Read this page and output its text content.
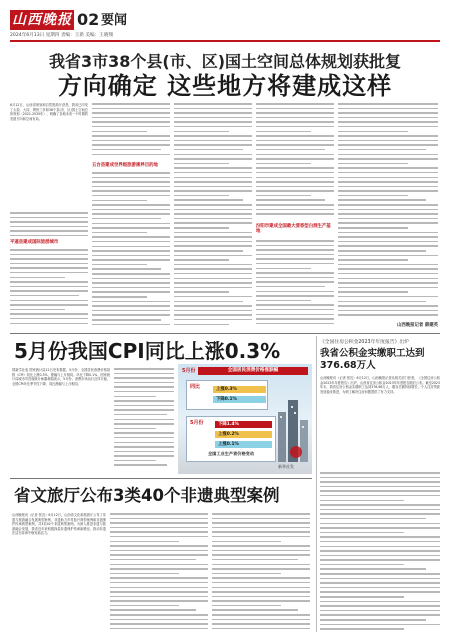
山西晚报 02 要闻
2024年6月13日 星期四 责编：王新 美编：王晓翔
我省3市38个县(市、区)国土空间总体规划获批复
方向确定 这些地方将建成这样
6月12日，山西省规划和自然资源厅获悉，我省已印发了太原、大同、朔州三市和38个县(市、区)国土空间总体规划（2021-2035年），明确了各地未来一个时期的发展方向和空间布局。
平遥县建成国际旅游城市
五台县建成世界级旅游康养目的地
汾阳市建成全国最大清香型白酒生产基地
山西晚报记者 薛建英
5月份我国CPI同比上涨0.3%
国新学社电 国家统计局12日发布数据，5月份，全国居民消费价格指数（CPI）同比上涨0.3%，涨幅与上月相同。环比下降0.1%。国家统计局城市司首席统计师董莉娟表示，5月份，消费市场运行总体平稳，全国CPI环比季节性下降，同比涨幅与上月相同。
5月份	全国居民消费价格涨跌幅
同比	上涨0.3%
下降0.1%
5月份	下降1.4%
上涨0.2%
上涨0.1%
全国工业生产者价格变动
新华社发
《全国住房公积金2023年年度报告》出炉
我省公积金实缴职工达到376.68万人
山西晚报讯（记者 张宜）6月12日，山西晚报记者从相关部门获悉，《全国住房公积金2023年年度报告》出炉，山西省住房公积金2023年年度报告随后公布。截至2023年末，我省住房公积金实缴职工达到376.68万人，缴存总额持续增长，个人住房贷款发放稳步推进，为职工解决住房问题提供了有力支持。
省文旅厅公布3类40个非遗典型案例
山西晚报讯（记者 张宜）6月12日，山西省文化和旅游厅公布了非遗与旅游融合发展典型案例、非遗助力乡村振兴典型案例和非遗保护传承典型案例，共3类40个非遗典型案例。为深入推进非遗与旅游融合发展，我省近年来积极探索非遗保护传承新路径，推动非遗在活态传承中焕发新活力。
